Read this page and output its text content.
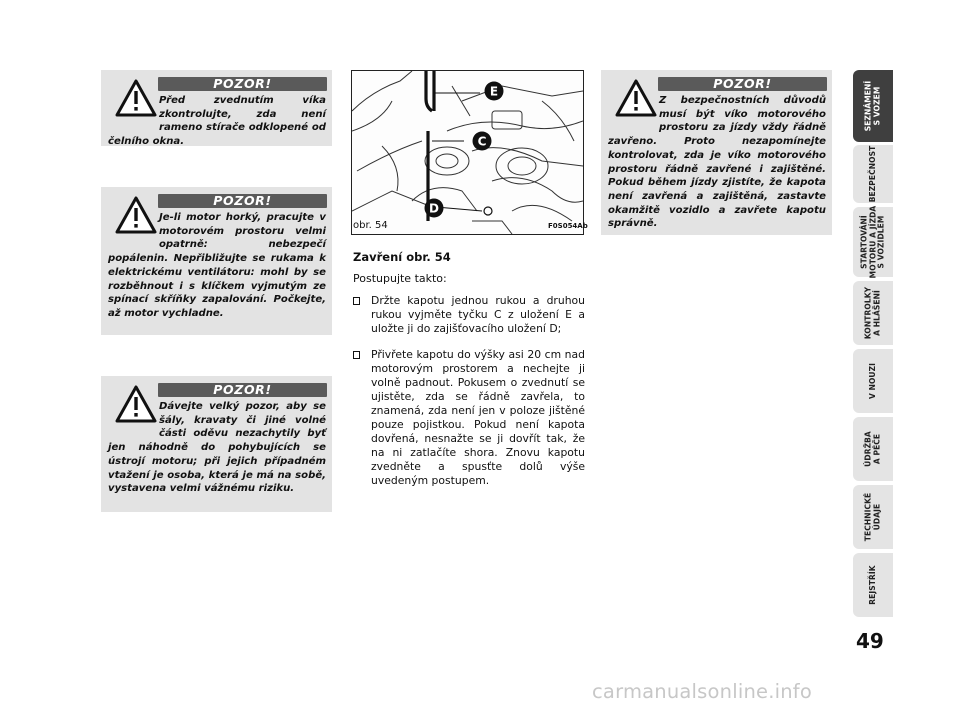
POZOR!
Před zvednutím víka zkontrolujte, zda není rameno stírače odklopené od čelního okna.
POZOR!
Je-li motor horký, pracujte v motorovém prostoru velmi opatrně: nebezpečí popálenin. Nepřibližujte se rukama k elektrickému ventilátoru: mohl by se rozběhnout i s klíčkem vyjmutým ze spínací skříňky zapalování. Počkejte, až motor vychladne.
POZOR!
Dávejte velký pozor, aby se šály, kravaty či jiné volné části oděvu nezachytily byť jen náhodně do pohybujících se ústrojí motoru; při jejich případném vtažení je osoba, která je má na sobě, vystavena velmi vážnému riziku.
POZOR!
Z bezpečnostních důvodů musí být víko motorového prostoru za jízdy vždy řádně zavřeno. Proto nezapomínejte kontrolovat, zda je víko motorového prostoru řádně zavřené i zajištěné. Pokud během jízdy zjistíte, že kapota není zavřená a zajištěná, zastavte okamžitě vozidlo a zavřete kapotu správně.
E
C
D
obr. 54	F0S054Ab
Zavření obr. 54
Postupujte takto:
Držte kapotu jednou rukou a druhou rukou vyjměte tyčku C z uložení E a uložte ji do zajišťovacího uložení D;
Přivřete kapotu do výšky asi 20 cm nad motorovým prostorem a nechejte ji volně padnout. Pokusem o zvednutí se ujistěte, zda se řádně zavřela, to znamená, zda není jen v poloze jištěné pouze pojistkou. Pokud není kapota dovřená, nesnažte se ji dovřít tak, že na ni zatlačíte shora. Znovu kapotu zvedněte a spusťte dolů výše uvedeným postupem.
SEZNÁMENÍ
S VOZEM
BEZPEČNOST
STARTOVÁNÍ
MOTORU A JÍZDA
S VOZIDLEM
KONTROLKY
A HLÁŠENÍ
V NOUZI
ÚDRŽBA
A PÉČE
TECHNICKÉ
ÚDAJE
REJSTŘÍK
49
carmanualsonline.info
